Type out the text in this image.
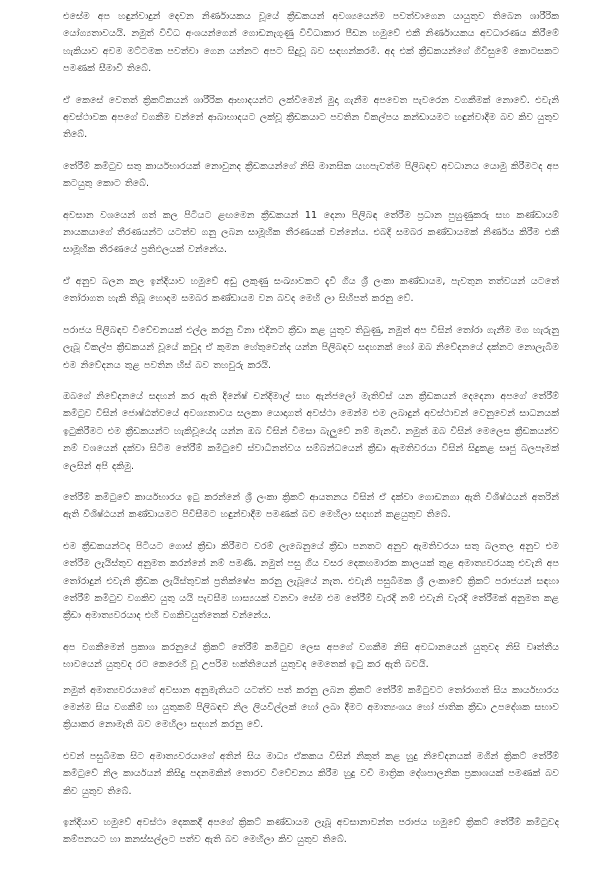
එසේම අප හඳුන්වාදුන් දෙවන නිර්ණායකය වූයේ ක්‍රීඩකයන් අවශ්‍යයෙන්ම පවත්වාගෙන යායුතුව තිබෙන ශාරීරික යෝග්‍යතාවයයි. නමුත් විවිධ අංශයන්ගෙන් ගොඩනැගුණු විවිධාකාර පීඩන හමුවේ එකී නිර්ණායකය අවධාරණය කිරීමේ හැකියාව අවම මට්ටමක පවත්වා ගෙන යන්නට අපට සිදුවූ බව සඳහන්කරමි. අද එක් ක්‍රීඩකයන්ගේ ගිවිසුමේ කොටසකට පමණක් සීමාවී තිබේ.

ඒ කෙසේ වෙතත් ක්‍රිකට්කයන් ශාරීරික ආභාදයන්ට ලක්වීමෙන් මුදා ගැනීම අපවෙත පැවරෙන වගකීමක් නොවේ. එවැනි අවස්ථාවක අපගේ වගකීම වන්නේ ආබාභාදයට ලක්වූ ක්‍රීඩකයාට පවතින විකල්පය කන්ඩායමට හඳුන්වාදීම බව කිව යුතුව තිබේ.

තේරීම් කමිටුව සතු කාර්යභාරයක් නොවුනද ක්‍රීඩකයන්ගේ නිසි මානසික යහපැවත්ම පිලිබඳව අවධානය යොමු කිරීමටද අප කටයුතු කොට තිබේ.

අවසාන වශයෙන් ගත් කල පිටියට ළඟමෙන ක්‍රීඩකයන් 11 දෙනා පිලිබඳ තේරීම ප්‍රධාන පුහුණුකරු සහ කණ්ඩායම් නායකයාගේ තීරණයන්ට යටත්ව ගනු ලබන සාමූහික තීරණයක් වන්නේය. එබදි සමබර කණ්ඩායමක් නිර්ණය කිරීම එකී සාමූහික තීරණයේ ප්‍රතිඵලයක් වන්නේය.

ඒ අනුව බලන කල ඉන්දියාව හමුවේ අඩු ලකුණු සංඛ්‍යාවකට දැවී ගිය ශ්‍රී ලංකා කණ්ඩායම, පැවතුන තත්වයන් යටතේ තෝරාගත හැකි තිබූ හොදම සමබර කණ්ඩායම වන බවද මෙහි ලා සිහිපත් කරනු වේ.

පරාජය පිලිබඳව විවේචනයක් එල්ල කරනු විනා එදිනට ක්‍රීඩා කළ යුතුව තිබුණු, නමුත් අප විසින් තෝරා ගැනීම මග හැරුනු ලැබූ විකල්ප ක්‍රීඩකයන් වූයේ කවුද ඒ කුමන හේතුවෙන්ද යන්න පිලිබඳව සදහනක් හෝ ඔබ නිවේදනයේ දක්නට නොලැබීම එම නිවේදනය තුළ පවතින හිස් බව තහවුරු කරයි.

ඔබගේ නිවේදනයේ සදහන් කර ඇති දිනේෂ් චන්දිමාල් සහ ඇන්ජලෝ මැතිව්ස් යන ක්‍රීඩකයන් දෙදෙනා අපගේ තේරීම් කමිටුව විසින් ජොෂ්ඨත්වයේ අවශ්‍යතාවය සලකා යොදාගත් අවස්ථා මෙන්ම එම ලබාදුන් අවස්ථාවන් වෙනුවෙන් සාධනයක් ඉටුකිරීමට එම ක්‍රීඩකයන්ට හැකිවූයේද යන්න ඔබ විසින් විමසා බැලුවේ නම් මැනවි. නමුත් ඔබ විසින් මෙලෙස ක්‍රීඩකයන්ව නම් වශයෙන් දක්වා සිටීම තේරීම් කමිටුවේ ස්වාධීනත්වය සම්බන්ධයෙන් ක්‍රීඩා ඇමතිවරයා විසින් සිදුකළ සෘජු බලපෑමක් ලෙසින් අපි දකිමු.

තේරීම් කමිටුවේ කාර්යභාරය ඉටු කරන්නේ ශ්‍රී ලංකා ක්‍රිකට් ආයතනය විසින් ඒ දක්වා ගොඩනගා ඇති විශිෂ්ඨයන් අතරින් ඇති විශිෂ්ඨයන් කණ්ඩායමට පිවිසීමට හඳුන්වාදීම පමණක් බව මෙහිලා සදහන් කළයුතුව තිබේ.

එම ක්‍රීඩකයන්ටද පිටියට ගොස් ක්‍රීඩා කිරීමට වරම් ලැබෙනුයේ ක්‍රීඩා පනතට අනුව ඇමතිවරයා සතු බලතල අනුව එම තේරීම ලැයිස්තුව අනුමත කරන්නේ නම් පමණි. නමුත් පසු ගිය වසර දෙකහමාරක කාලයක් තුළ අමාත්‍යවරයකු එවැනි අප තෝරාදුන් එවැනි ක්‍රීඩක ලැයිස්තුවක් ප්‍රතික්ෂේප කරනු ලැබූයේ නැත. එවැනි පසුබිමක ශ්‍රී ලංකාවේ ක්‍රිකට් පරාජයන් සඳහා තේරීම් කමිටුව වගකිව යුතු යයි පැවසීම හාස්‍යයක් වනවා සේම එම තේරීම් වැරදි නම් එවැනි වැරදි තේරීමක් අනුමත කළ ක්‍රීඩා අමාත්‍යවරයාද එහි වගකිවයුත්තෙක් වන්නේය.

අප වගකීමෙන් ප්‍රකාශ කරනුයේ ක්‍රිකට් තේරීම් කමිටුව ලෙස අපගේ වගකීම නිසි අවධානයෙන් යුතුවද නිසි වෘත්තීය භාවයෙන් යුතුවද රට කෙරෙහි වූ උපරිම භක්තියෙන් යුතුවද මෙතෙක් ඉටු කර ඇති බවයි.

නමුත් අමාත්‍යවරයාගේ අවසාන අනුමැතියට යටත්ව පත් කරනු ලබන ක්‍රිකට් තේරීම් කමිටුවට තෝරාගත් සිය කාර්යභාරය මෙන්ම සිය වගකීම් හා යුතුකම් පිලිබඳව නිල ලියවිල්ලක් හෝ ලබා දීමට අමාත්‍යංශය හෝ ජාතික ක්‍රීඩා උපදේශක සභාව ක්‍රියාකර නොමැති බව මෙහිලා සදහන් කරනු වේ.

එවන් පසුබිමක සිට අමාත්‍යවරයාගේ අතින් සිය මාධ්‍ය ඒකකය විසින් නිකුත් කළ හුදු නිවේදනයක් මගින් ක්‍රිකට් තේරීම් කමිටුවේ නිල කාර්යයන් කිසිදු පදනමකින් තොරව විවේචනය කිරීම හුදු වචී මාත්‍රික දේශපාලනික ප්‍රකාශයක් පමණක් බව කිව යුතුව තිබේ.

ඉන්දියාව හමුවේ අවස්ථා දෙකකදී අපගේ ක්‍රිකට් කණ්ඩායම ලැබූ අවසානාවන්ත පරාජය හමුවේ ක්‍රිකට් තේරීම් කමිටුවද කම්පනයට හා කනස්සල්ලට පත්ව ඇති බව මෙහිලා කිව යුතුව තිබේ.
